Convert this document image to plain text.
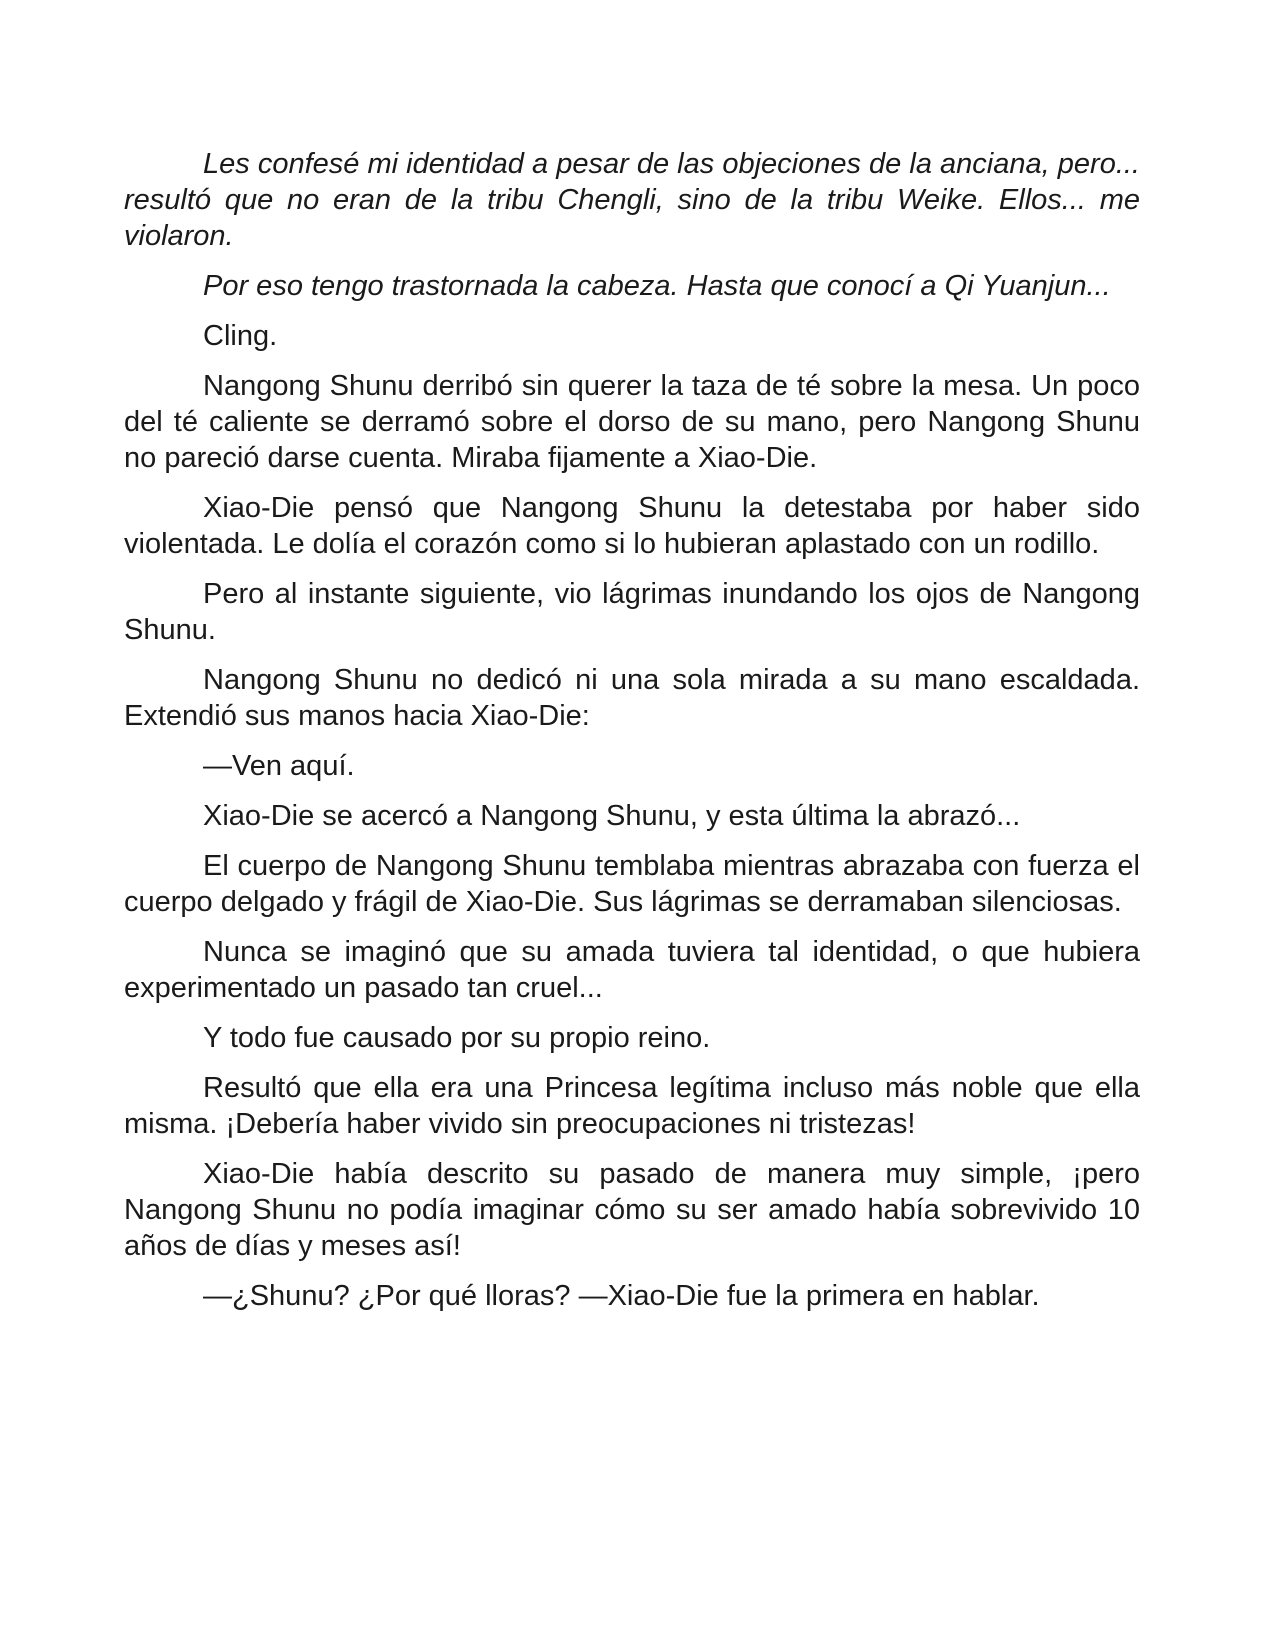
Les confesé mi identidad a pesar de las objeciones de la anciana, pero... resultó que no eran de la tribu Chengli, sino de la tribu Weike. Ellos... me violaron.

Por eso tengo trastornada la cabeza. Hasta que conocí a Qi Yuanjun...

Cling.

Nangong Shunu derribó sin querer la taza de té sobre la mesa. Un poco del té caliente se derramó sobre el dorso de su mano, pero Nangong Shunu no pareció darse cuenta. Miraba fijamente a Xiao-Die.

Xiao-Die pensó que Nangong Shunu la detestaba por haber sido violentada. Le dolía el corazón como si lo hubieran aplastado con un rodillo.

Pero al instante siguiente, vio lágrimas inundando los ojos de Nangong Shunu.

Nangong Shunu no dedicó ni una sola mirada a su mano escaldada. Extendió sus manos hacia Xiao-Die:

—Ven aquí.

Xiao-Die se acercó a Nangong Shunu, y esta última la abrazó...

El cuerpo de Nangong Shunu temblaba mientras abrazaba con fuerza el cuerpo delgado y frágil de Xiao-Die. Sus lágrimas se derramaban silenciosas.

Nunca se imaginó que su amada tuviera tal identidad, o que hubiera experimentado un pasado tan cruel...

Y todo fue causado por su propio reino.

Resultó que ella era una Princesa legítima incluso más noble que ella misma. ¡Debería haber vivido sin preocupaciones ni tristezas!

Xiao-Die había descrito su pasado de manera muy simple, ¡pero Nangong Shunu no podía imaginar cómo su ser amado había sobrevivido 10 años de días y meses así!

—¿Shunu? ¿Por qué lloras? —Xiao-Die fue la primera en hablar.
